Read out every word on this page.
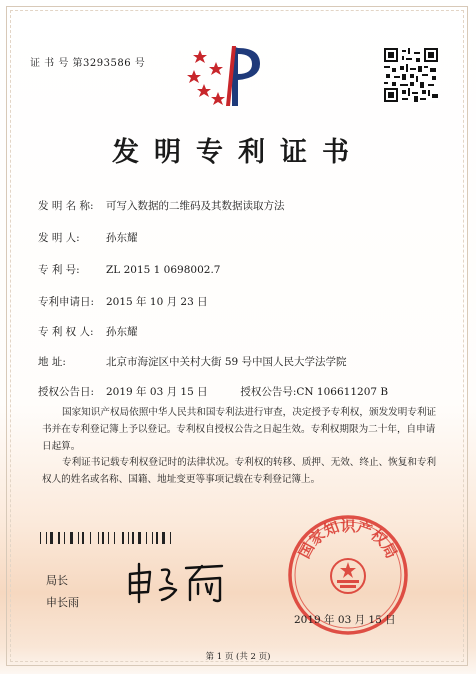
证 书 号 第3293586 号
发明专利证书
发 明 名 称: 可写入数据的二维码及其数据读取方法
发 明 人:	孙东耀
专 利 号:	ZL 2015 1 0698002.7
专利申请日: 2015 年 10 月 23 日
专 利 权 人: 孙东耀
地 址:	北京市海淀区中关村大街 59 号中国人民大学法学院
授权公告日: 2019 年 03 月 15 日	授权公告号:CN 106611207 B
国家知识产权局依照中华人民共和国专利法进行审查，决定授予专利权，颁发发明专利证书并在专利登记簿上予以登记。专利权自授权公告之日起生效。专利权期限为二十年，自申请日起算。
专利证书记载专利权登记时的法律状况。专利权的转移、质押、无效、终止、恢复和专利权人的姓名或名称、国籍、地址变更等事项记载在专利登记簿上。
局长
申长雨
国家知识产权局
2019 年 03 月 15 日
第 1 页 (共 2 页)
